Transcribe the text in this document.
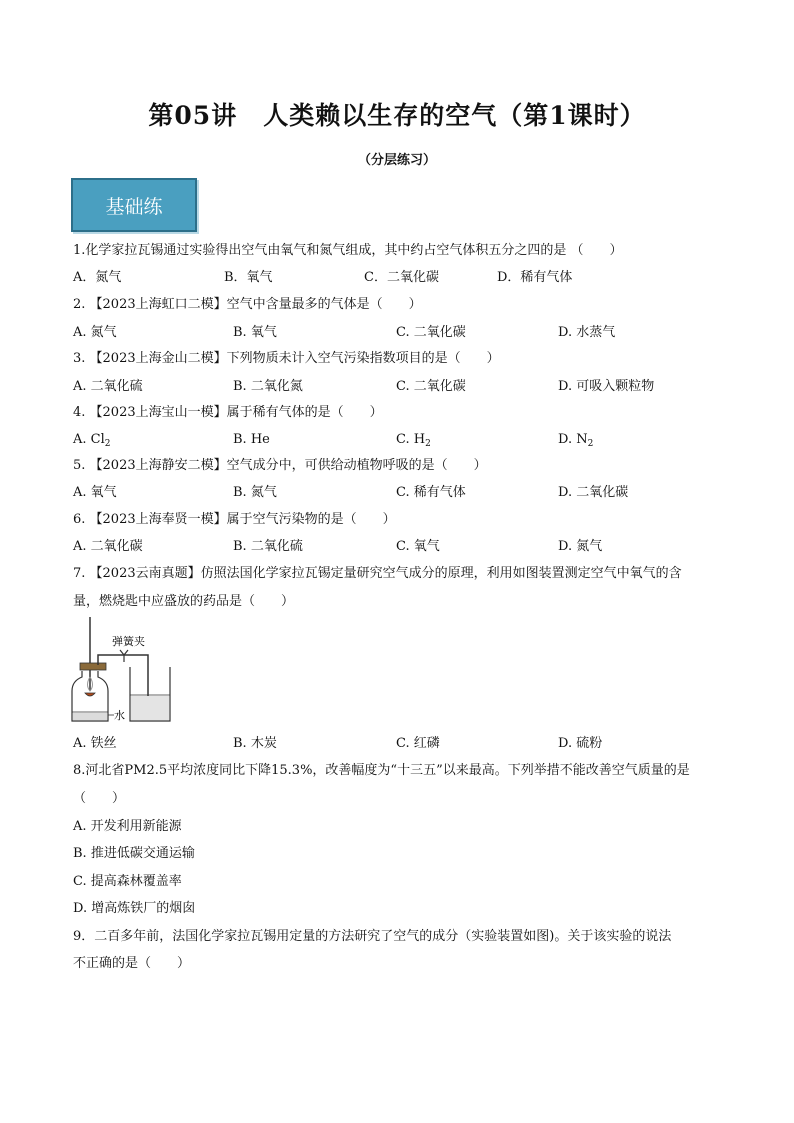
第05讲　人类赖以生存的空气（第1课时）
（分层练习）
基础练
1.化学家拉瓦锡通过实验得出空气由氧气和氮气组成，其中约占空气体积五分之四的是 （　　）
A．氮气	B．氧气	C．二氧化碳	D．稀有气体
2. 【2023上海虹口二模】空气中含量最多的气体是（　　）
A. 氮气	B. 氧气	C. 二氧化碳	D. 水蒸气
3. 【2023上海金山二模】下列物质未计入空气污染指数项目的是（　　）
A. 二氧化硫	B. 二氧化氮	C. 二氧化碳	D. 可吸入颗粒物
4. 【2023上海宝山一模】属于稀有气体的是（　　）
A. $Cl_2$	B. He	C. $H_2$	D. $N_2$
5. 【2023上海静安二模】空气成分中，可供给动植物呼吸的是（　　）
A. 氧气	B. 氮气	C. 稀有气体	D. 二氧化碳
6. 【2023上海奉贤一模】属于空气污染物的是（　　）
A. 二氧化碳	B. 二氧化硫	C. 氧气	D. 氮气
7. 【2023云南真题】仿照法国化学家拉瓦锡定量研究空气成分的原理，利用如图装置测定空气中氧气的含
量，燃烧匙中应盛放的药品是（　　）
水
弹簧夹
A. 铁丝	B. 木炭	C. 红磷	D. 硫粉
8.河北省PM2.5平均浓度同比下降15.3%，改善幅度为“十三五”以来最高。下列举措不能改善空气质量的是
（　　）
A. 开发利用新能源
B. 推进低碳交通运输
C. 提高森林覆盖率
D. 增高炼铁厂的烟囱
9．二百多年前，法国化学家拉瓦锡用定量的方法研究了空气的成分（实验装置如图)。关于该实验的说法
不正确的是（　　）
